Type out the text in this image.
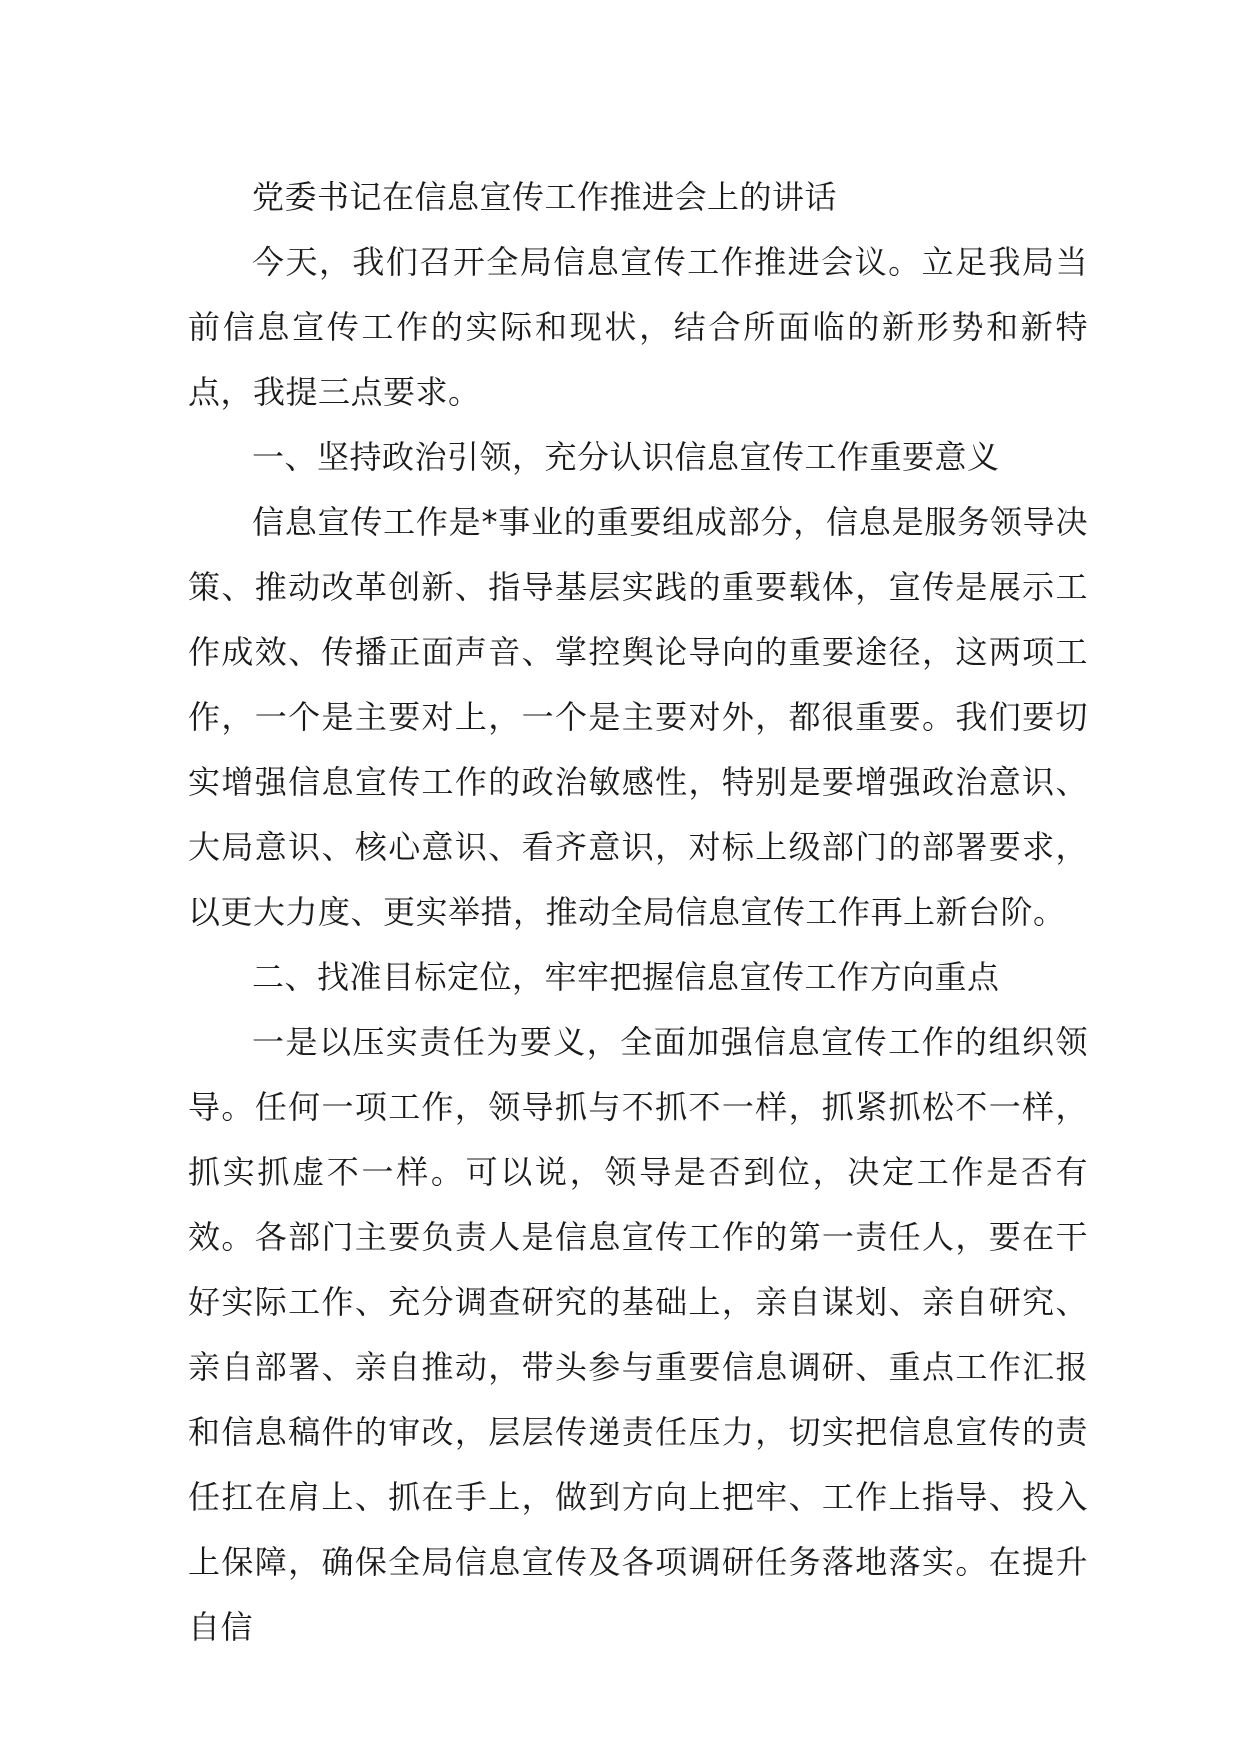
党委书记在信息宣传工作推进会上的讲话

今天，我们召开全局信息宣传工作推进会议。立足我局当前信息宣传工作的实际和现状，结合所面临的新形势和新特点，我提三点要求。

一、坚持政治引领，充分认识信息宣传工作重要意义

信息宣传工作是*事业的重要组成部分，信息是服务领导决策、推动改革创新、指导基层实践的重要载体，宣传是展示工作成效、传播正面声音、掌控舆论导向的重要途径，这两项工作，一个是主要对上，一个是主要对外，都很重要。我们要切实增强信息宣传工作的政治敏感性，特别是要增强政治意识、大局意识、核心意识、看齐意识，对标上级部门的部署要求，以更大力度、更实举措，推动全局信息宣传工作再上新台阶。

二、找准目标定位，牢牢把握信息宣传工作方向重点

一是以压实责任为要义，全面加强信息宣传工作的组织领导。任何一项工作，领导抓与不抓不一样，抓紧抓松不一样，抓实抓虚不一样。可以说，领导是否到位，决定工作是否有效。各部门主要负责人是信息宣传工作的第一责任人，要在干好实际工作、充分调查研究的基础上，亲自谋划、亲自研究、亲自部署、亲自推动，带头参与重要信息调研、重点工作汇报和信息稿件的审改，层层传递责任压力，切实把信息宣传的责任扛在肩上、抓在手上，做到方向上把牢、工作上指导、投入上保障，确保全局信息宣传及各项调研任务落地落实。在提升自信
